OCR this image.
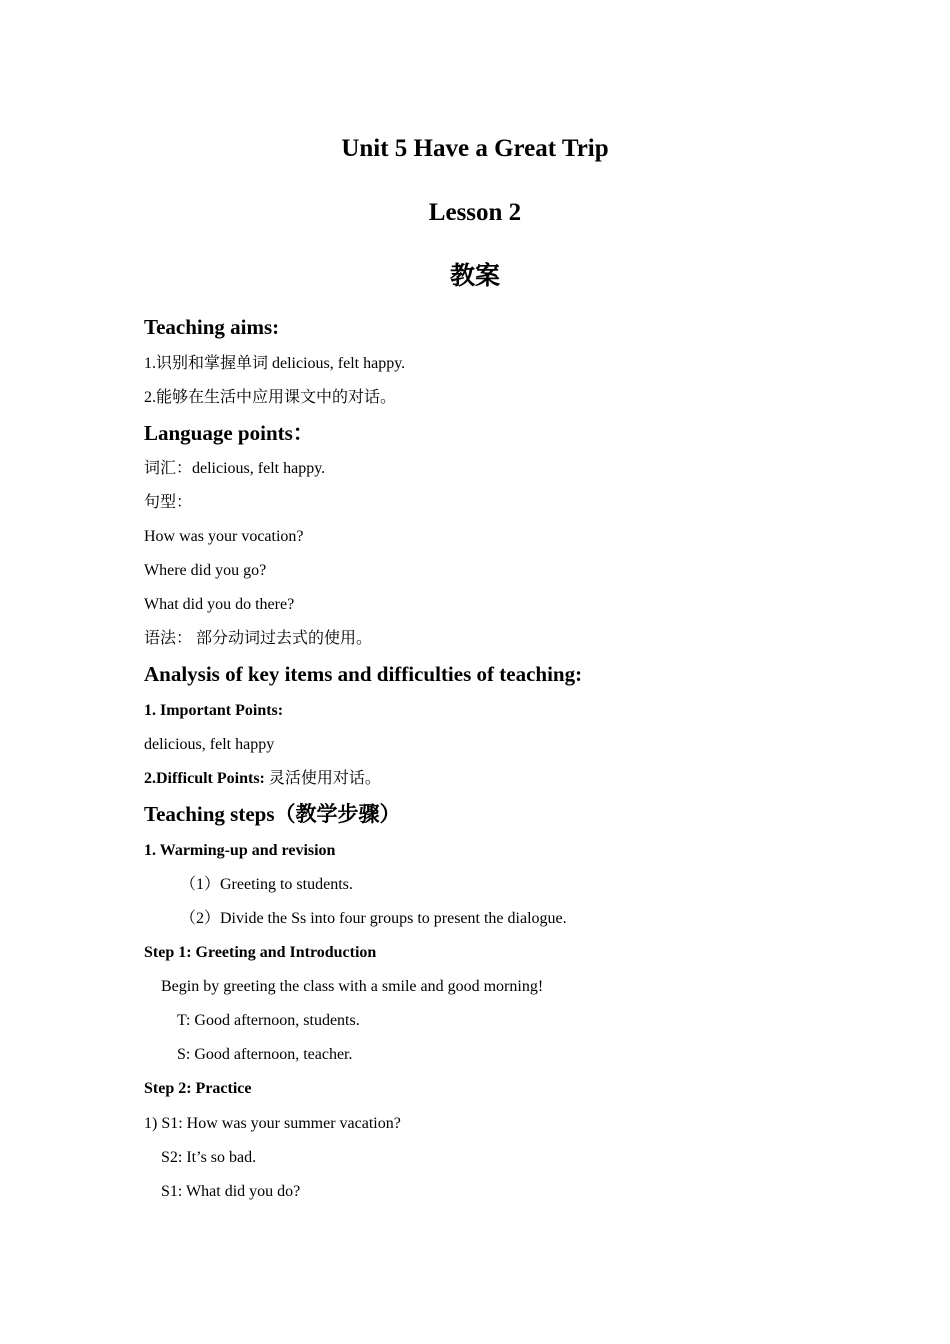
Unit 5 Have a Great Trip
Lesson 2
教案
Teaching aims:

1.识别和掌握单词 delicious, felt happy.

2.能够在生活中应用课文中的对话。

Language points：

词汇：delicious, felt happy.

句型：

How was your vocation?

Where did you go?

What did you do there?

语法： 部分动词过去式的使用。

Analysis of key items and difficulties of teaching:

1. Important Points:

delicious, felt happy

2.Difficult Points: 灵活使用对话。

Teaching steps（教学步骤）

1. Warming-up and revision

（1）Greeting to students.

（2）Divide the Ss into four groups to present the dialogue.

Step 1: Greeting and Introduction

Begin by greeting the class with a smile and good morning!

T: Good afternoon, students.

S: Good afternoon, teacher.

Step 2: Practice

1) S1: How was your summer vacation?

S2: It’s so bad.

S1: What did you do?
